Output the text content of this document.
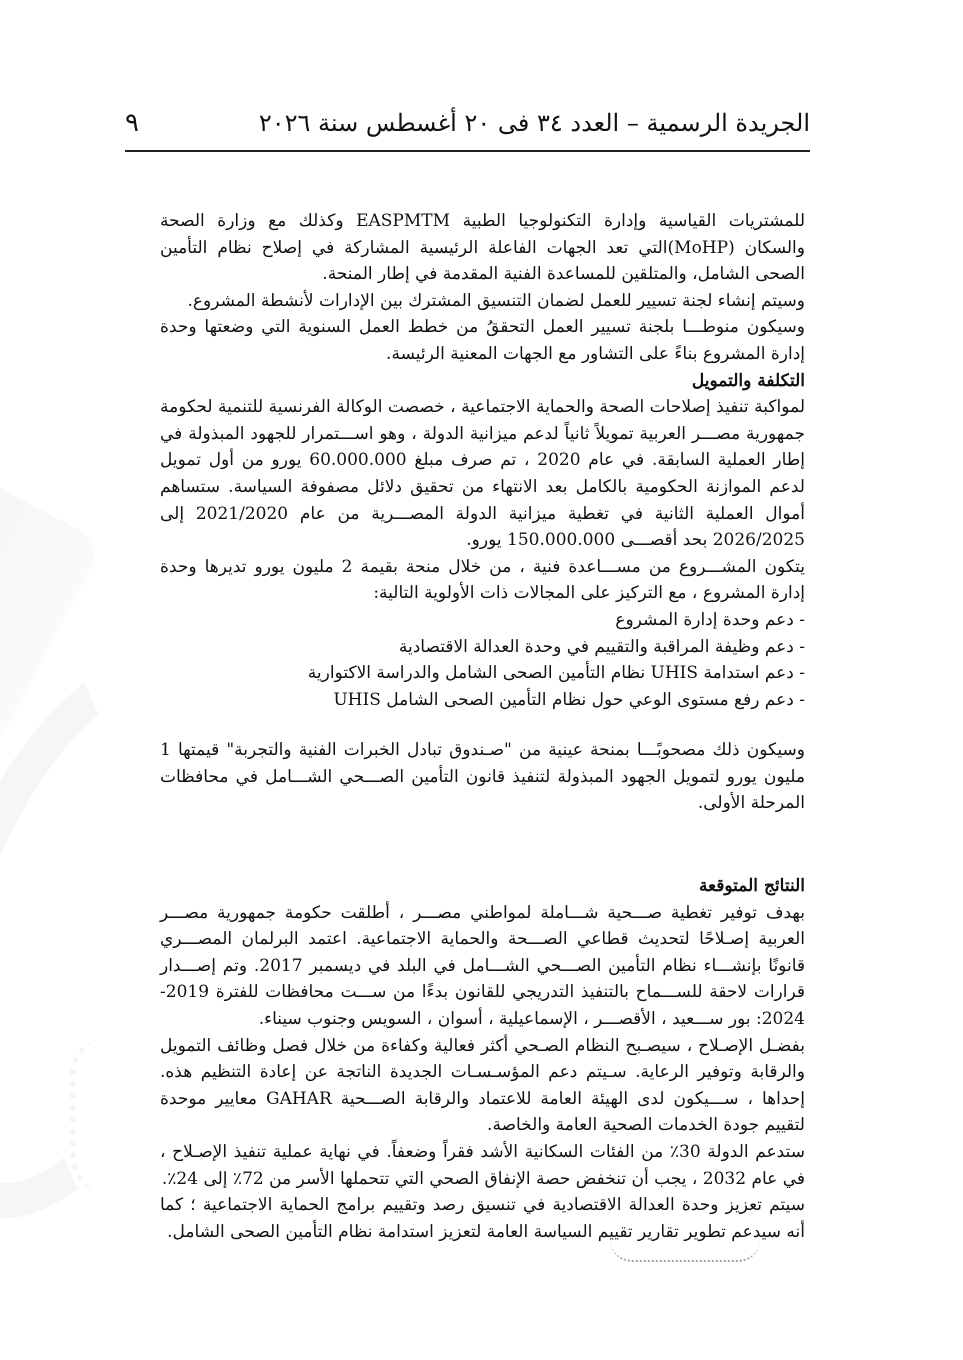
الجريدة الرسمية – العدد ٣٤ فى ٢٠ أغسطس سنة ٢٠٢٦
٩

للمشتريات القياسية وإدارة التكنولوجيا الطبية EASPMTM وكذلك مع وزارة الصحة والسكان (MoHP)التي تعد الجهات الفاعلة الرئيسية المشاركة في إصلاح نظام التأمين الصحى الشامل، والمتلقين للمساعدة الفنية المقدمة في إطار المنحة.

وسيتم إنشاء لجنة تسيير للعمل لضمان التنسيق المشترك بين الإدارات لأنشطة المشروع.

وسيكون منوطـــا بلجنة تسيير العمل التحققُ من خطط العمل السنوية التي وضعتها وحدة إدارة المشروع بناءً على التشاور مع الجهات المعنية الرئيسة.

التكلفة والتمويل

لمواكبة تنفيذ إصلاحات الصحة والحماية الاجتماعية ، خصصت الوكالة الفرنسية للتنمية لحكومة جمهورية مصـــر العربية تمويلاً ثانياً لدعم ميزانية الدولة ، وهو اســـتمرار للجهود المبذولة في إطار العملية السابقة. في عام 2020 ، تم صرف مبلغ 60.000.000 يورو من أول تمويل لدعم الموازنة الحكومية بالكامل بعد الانتهاء من تحقيق دلائل مصفوفة السياسة. ستساهم أموال العملية الثانية في تغطية ميزانية الدولة المصـــرية من عام 2021/2020 إلى 2026/2025 بحد أقصـــى 150.000.000 يورو.

يتكون المشـــروع من مســـاعدة فنية ، من خلال منحة بقيمة 2 مليون يورو تديرها وحدة إدارة المشروع ، مع التركيز على المجالات ذات الأولوية التالية:

- دعم وحدة إدارة المشروع
- دعم وظيفة المراقبة والتقييم في وحدة العدالة الاقتصادية
- دعم استدامة UHIS نظام التأمين الصحى الشامل والدراسة الاكتوارية
- دعم رفع مستوى الوعي حول نظام التأمين الصحى الشامل UHIS

وسيكون ذلك مصحوبًـــا بمنحة عينية من "صـندوق تبادل الخبرات الفنية والتجربة" قيمتها 1 مليون يورو لتمويل الجهود المبذولة لتنفيذ قانون التأمين الصـــحي الشـــامل في محافظات المرحلة الأولى.

النتائج المتوقعة

بهدف توفير تغطية صـــحية شـــاملة لمواطني مصـــر ، أطلقت حكومة جمهورية مصـــر العربية إصـلاحًا لتحديث قطاعي الصـــحة والحماية الاجتماعية. اعتمد البرلمان المصـــري قانونًا بإنشـــاء نظام التأمين الصـــحي الشـــامل في البلد في ديسمبر 2017. وتم إصـــدار قرارات لاحقة للســـماح بالتنفيذ التدريجي للقانون بدءًا من ســـت محافظات للفترة 2019-2024: بور ســـعيد ، الأقصـــر ، الإسماعيلية ، أسوان ، السويس وجنوب سيناء.

بفضـل الإصـلاح ، سيصـبح النظام الصـحي أكثر فعالية وكفاءة من خلال فصل وظائف التمويل والرقابة وتوفير الرعاية. سـيتم دعم المؤسـسـات الجديدة الناتجة عن إعادة التنظيم هذه. إحداها ، ســـيكون لدى الهيئة العامة للاعتماد والرقابة الصـــحية GAHAR معايير موحدة لتقييم جودة الخدمات الصحية العامة والخاصة.

ستدعم الدولة 30٪ من الفئات السكانية الأشد فقراً وضعفاً. في نهاية عملية تنفيذ الإصـلاح ، في عام 2032 ، يجب أن تنخفض حصة الإنفاق الصحي التي تتحملها الأسر من 72٪ إلى 24٪.

سيتم تعزيز وحدة العدالة الاقتصادية في تنسيق رصد وتقييم برامج الحماية الاجتماعية ؛ كما أنه سيدعم تطوير تقارير تقييم السياسة العامة لتعزيز استدامة نظام التأمين الصحى الشامل.
